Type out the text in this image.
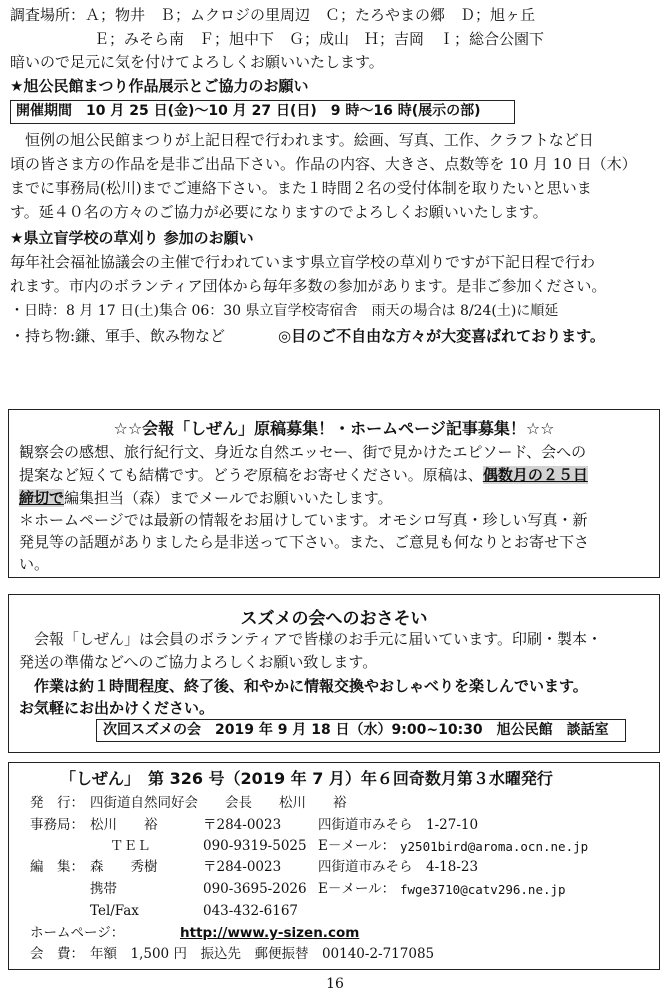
調査場所：Ａ；物井　Ｂ；ムクロジの里周辺　Ｃ；たろやまの郷　Ｄ；旭ヶ丘
Ｅ；みそら南　Ｆ；旭中下　Ｇ；成山　Ｈ；吉岡　Ｉ；総合公園下
暗いので足元に気を付けてよろしくお願いいたします。
★旭公民館まつり作品展示とご協力のお願い
開催期間　10 月 25 日(金)～10 月 27 日(日)　9 時～16 時(展示の部)
　恒例の旭公民館まつりが上記日程で行われます。絵画、写真、工作、クラフトなど日
頃の皆さま方の作品を是非ご出品下さい。作品の内容、大きさ、点数等を 10 月 10 日（木）
までに事務局(松川)までご連絡下さい。また１時間２名の受付体制を取りたいと思いま
す。延４０名の方々のご協力が必要になりますのでよろしくお願いいたします。
★県立盲学校の草刈り 参加のお願い
毎年社会福祉協議会の主催で行われています県立盲学校の草刈りですが下記日程で行わ
れます。市内のボランティア団体から毎年多数の参加があります。是非ご参加ください。
・日時：8 月 17 日(土)集合 06：30 県立盲学校寄宿舎　雨天の場合は 8/24(土)に順延
・持ち物:鎌、軍手、飲み物など	◎目のご不自由な方々が大変喜ばれております。
☆☆会報「しぜん」原稿募集！・ホームページ記事募集！☆☆
観察会の感想、旅行紀行文、身近な自然エッセー、街で見かけたエピソード、会への
提案など短くても結構です。どうぞ原稿をお寄せください。原稿は、偶数月の２５日
締切で編集担当（森）までメールでお願いいたします。
＊ホームページでは最新の情報をお届けしています。オモシロ写真・珍しい写真・新
発見等の話題がありましたら是非送って下さい。また、ご意見も何なりとお寄せ下さ
い。
スズメの会へのおさそい
　会報「しぜん」は会員のボランティアで皆様のお手元に届いています。印刷・製本・
発送の準備などへのご協力よろしくお願い致します。
　作業は約１時間程度、終了後、和やかに情報交換やおしゃべりを楽しんでいます。
お気軽にお出かけください。
次回スズメの会　2019 年 9 月 18 日（水）9:00~10:30　旭公民館　談話室
「しぜん」　第 326 号（2019 年 7 月）年６回奇数月第３水曜発行
発　行： 四街道自然同好会　　会長　　松川　　裕
事務局： 松川　　裕	〒284-0023	四街道市みそら　1-27-10
ＴＥＬ	090-9319-5025 E－メール： y2501bird@aroma.ocn.ne.jp
編　集： 森　　秀樹	〒284-0023	四街道市みそら　4-18-23
携帯	090-3695-2026 E－メール： fwge3710@catv296.ne.jp
Tel/Fax	043-432-6167
ホームページ：	http://www.y-sizen.com
会　費： 年額　1,500 円　振込先　郵便振替　00140-2-717085
16
